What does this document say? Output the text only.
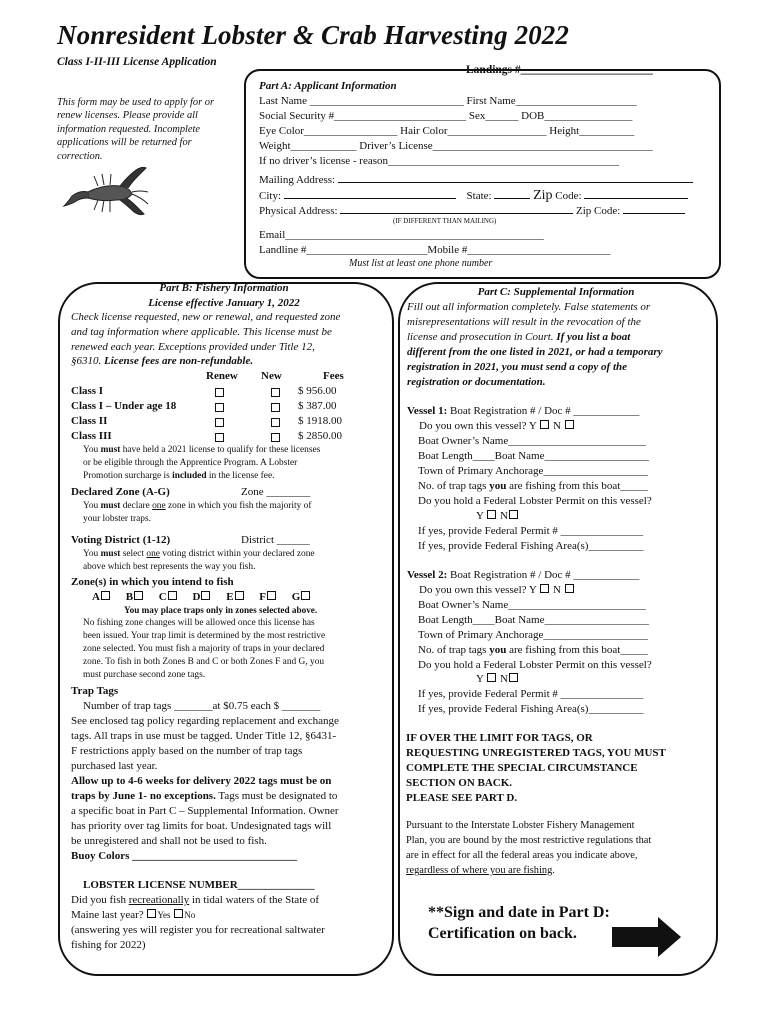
Nonresident Lobster & Crab Harvesting 2022
Class I-II-III License Application
Landings #_______________________
This form may be used to apply for or renew licenses. Please provide all information requested. Incomplete applications will be returned for correction.
Part A: Applicant Information
Last Name ____________________________ First Name______________________
Social Security #________________________ Sex______ DOB________________
Eye Color_________________ Hair Color__________________ Height__________
Weight____________ Driver’s License________________________________________
If no driver’s license - reason__________________________________________
Mailing Address:
City:	State:	Zip Code:
Physical Address:	Zip Code:
(IF DIFFERENT THAN MAILING)
Email_______________________________________________
Landline #______________________Mobile #__________________________
Must list at least one phone number
Part B: Fishery Information
License effective January 1, 2022
Check license requested, new or renewal, and requested zone
and tag information where applicable. This license must be
renewed each year. Exceptions provided under Title 12,
§6310. License fees are non-refundable.
Renew New	Fees
Class I	$ 956.00
Class I – Under age 18	$ 387.00
Class II	$ 1918.00
Class III	$ 2850.00
You must have held a 2021 license to qualify for these licenses
or be eligible through the Apprentice Program. A Lobster
Promotion surcharge is included in the license fee.
Declared Zone (A-G)	Zone ________
You must declare one zone in which you fish the majority of
your lobster traps.
Voting District (1-12)	District ______
You must select one voting district within your declared zone
above which best represents the way you fish.
Zone(s) in which you intend to fish
A B C D E F G
You may place traps only in zones selected above.
No fishing zone changes will be allowed once this license has
been issued. Your trap limit is determined by the most restrictive
zone selected. You must fish a majority of traps in your declared
zone. To fish in both Zones B and C or both Zones F and G, you
must purchase second zone tags.
Trap Tags
Number of trap tags _______at $0.75 each $ _______
See enclosed tag policy regarding replacement and exchange
tags. All traps in use must be tagged. Under Title 12, §6431-
F restrictions apply based on the number of trap tags
purchased last year.
Allow up to 4-6 weeks for delivery 2022 tags must be on
traps by June 1- no exceptions. Tags must be designated to
a specific boat in Part C – Supplemental Information. Owner
has priority over tag limits for boat. Undesignated tags will
be unregistered and shall not be used to fish.
Buoy Colors ______________________________
LOBSTER LICENSE NUMBER______________
Did you fish recreationally in tidal waters of the State of
Maine last year? Yes No
(answering yes will register you for recreational saltwater
fishing for 2022)
Part C: Supplemental Information
Fill out all information completely. False statements or
misrepresentations will result in the revocation of the
license and prosecution in Court. If you list a boat
different from the one listed in 2021, or had a temporary
registration in 2021, you must send a copy of the
registration or documentation.
Vessel 1: Boat Registration # / Doc # ____________
Do you own this vessel? Y N
Boat Owner’s Name_________________________
Boat Length____Boat Name___________________
Town of Primary Anchorage___________________
No. of trap tags you are fishing from this boat_____
Do you hold a Federal Lobster Permit on this vessel?
Y N
If yes, provide Federal Permit # _______________
If yes, provide Federal Fishing Area(s)__________
Vessel 2: Boat Registration # / Doc # ____________
Do you own this vessel? Y N
Boat Owner’s Name_________________________
Boat Length____Boat Name___________________
Town of Primary Anchorage___________________
No. of trap tags you are fishing from this boat_____
Do you hold a Federal Lobster Permit on this vessel?
Y N
If yes, provide Federal Permit # _______________
If yes, provide Federal Fishing Area(s)__________
IF OVER THE LIMIT FOR TAGS, OR
REQUESTING UNREGISTERED TAGS, YOU MUST
COMPLETE THE SPECIAL CIRCUMSTANCE
SECTION ON BACK.
PLEASE SEE PART D.
Pursuant to the Interstate Lobster Fishery Management
Plan, you are bound by the most restrictive regulations that
are in effect for all the federal areas you indicate above,
regardless of where you are fishing.
**Sign and date in Part D:
Certification on back.
